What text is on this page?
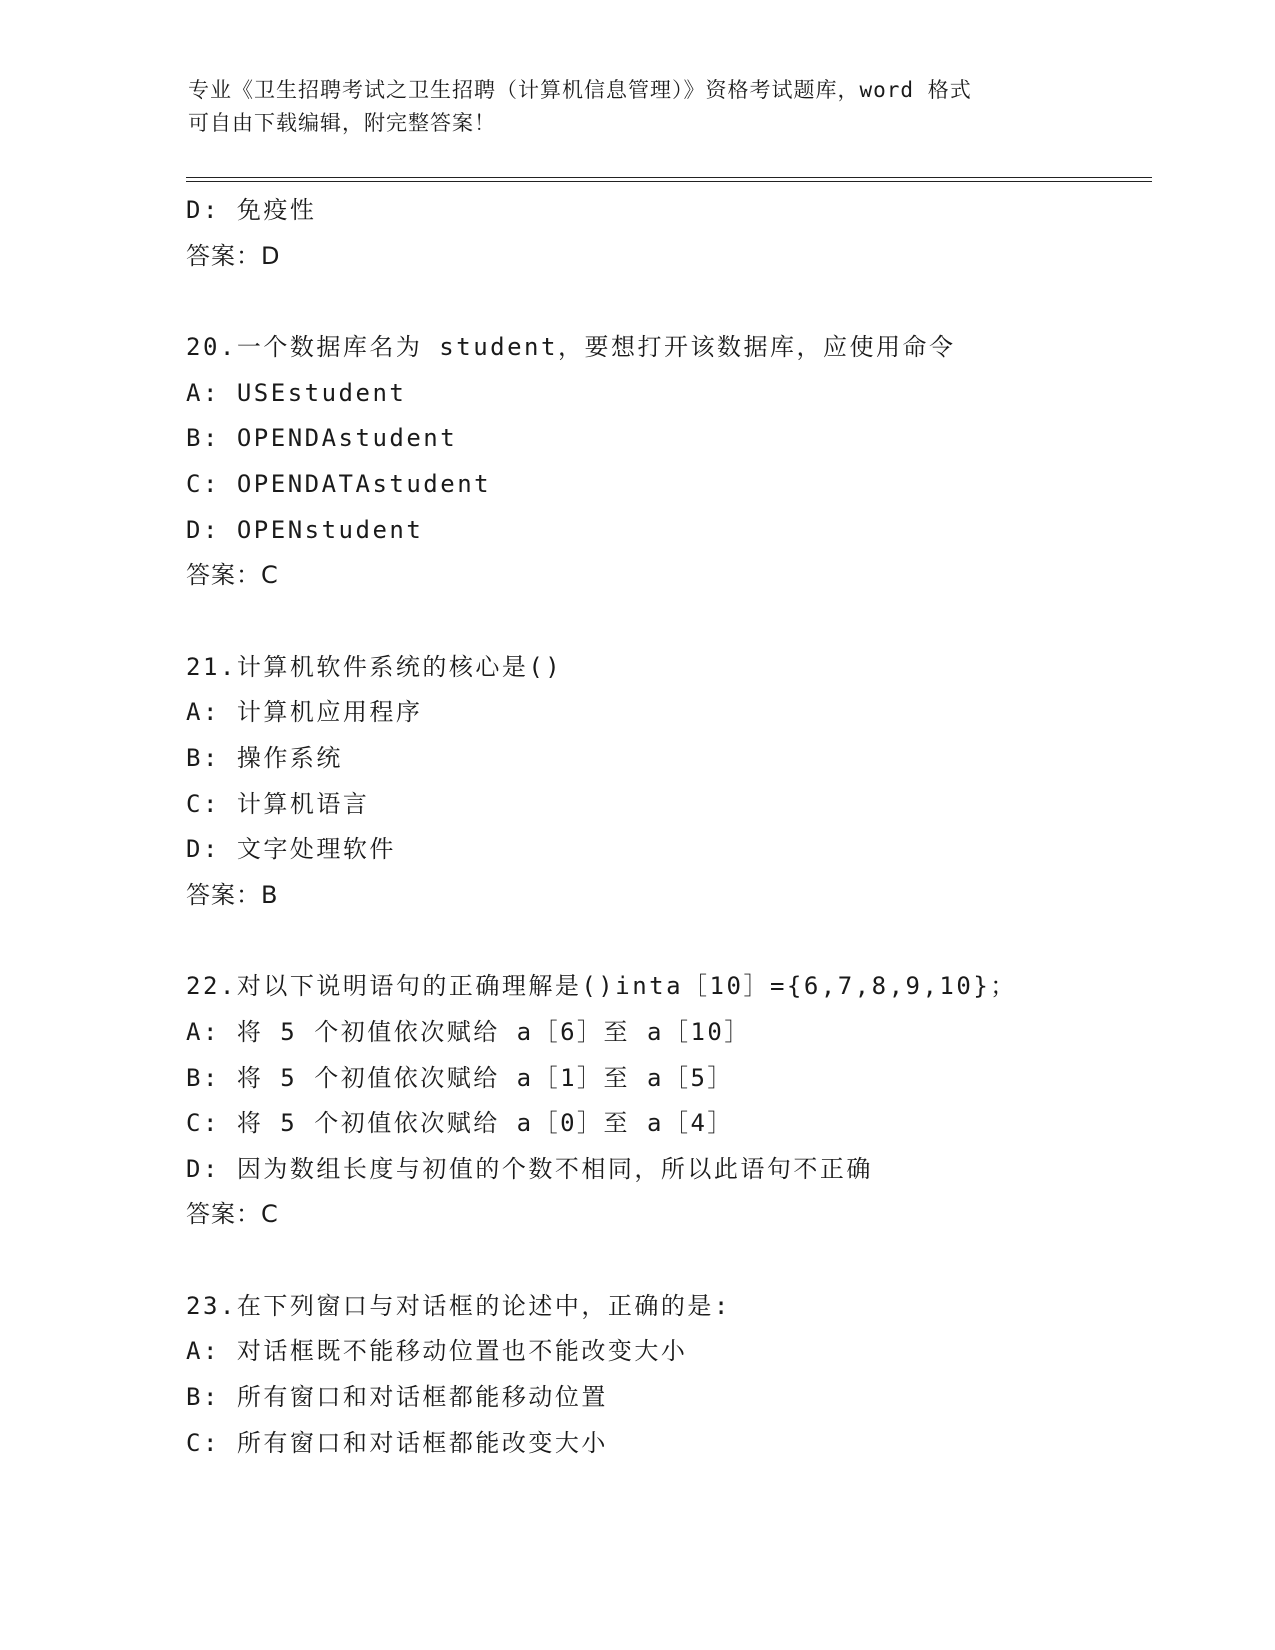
专业《卫生招聘考试之卫生招聘（计算机信息管理）》资格考试题库，word 格式
可自由下载编辑，附完整答案！
D: 免疫性
答案：D
20.一个数据库名为 student，要想打开该数据库，应使用命令
A: USEstudent
B: OPENDAstudent
C: OPENDATAstudent
D: OPENstudent
答案：C
21.计算机软件系统的核心是()
A: 计算机应用程序
B: 操作系统
C: 计算机语言
D: 文字处理软件
答案：B
22.对以下说明语句的正确理解是()inta［10］={6,7,8,9,10}；
A: 将 5 个初值依次赋给 a［6］至 a［10］
B: 将 5 个初值依次赋给 a［1］至 a［5］
C: 将 5 个初值依次赋给 a［0］至 a［4］
D: 因为数组长度与初值的个数不相同，所以此语句不正确
答案：C
23.在下列窗口与对话框的论述中，正确的是:
A: 对话框既不能移动位置也不能改变大小
B: 所有窗口和对话框都能移动位置
C: 所有窗口和对话框都能改变大小
